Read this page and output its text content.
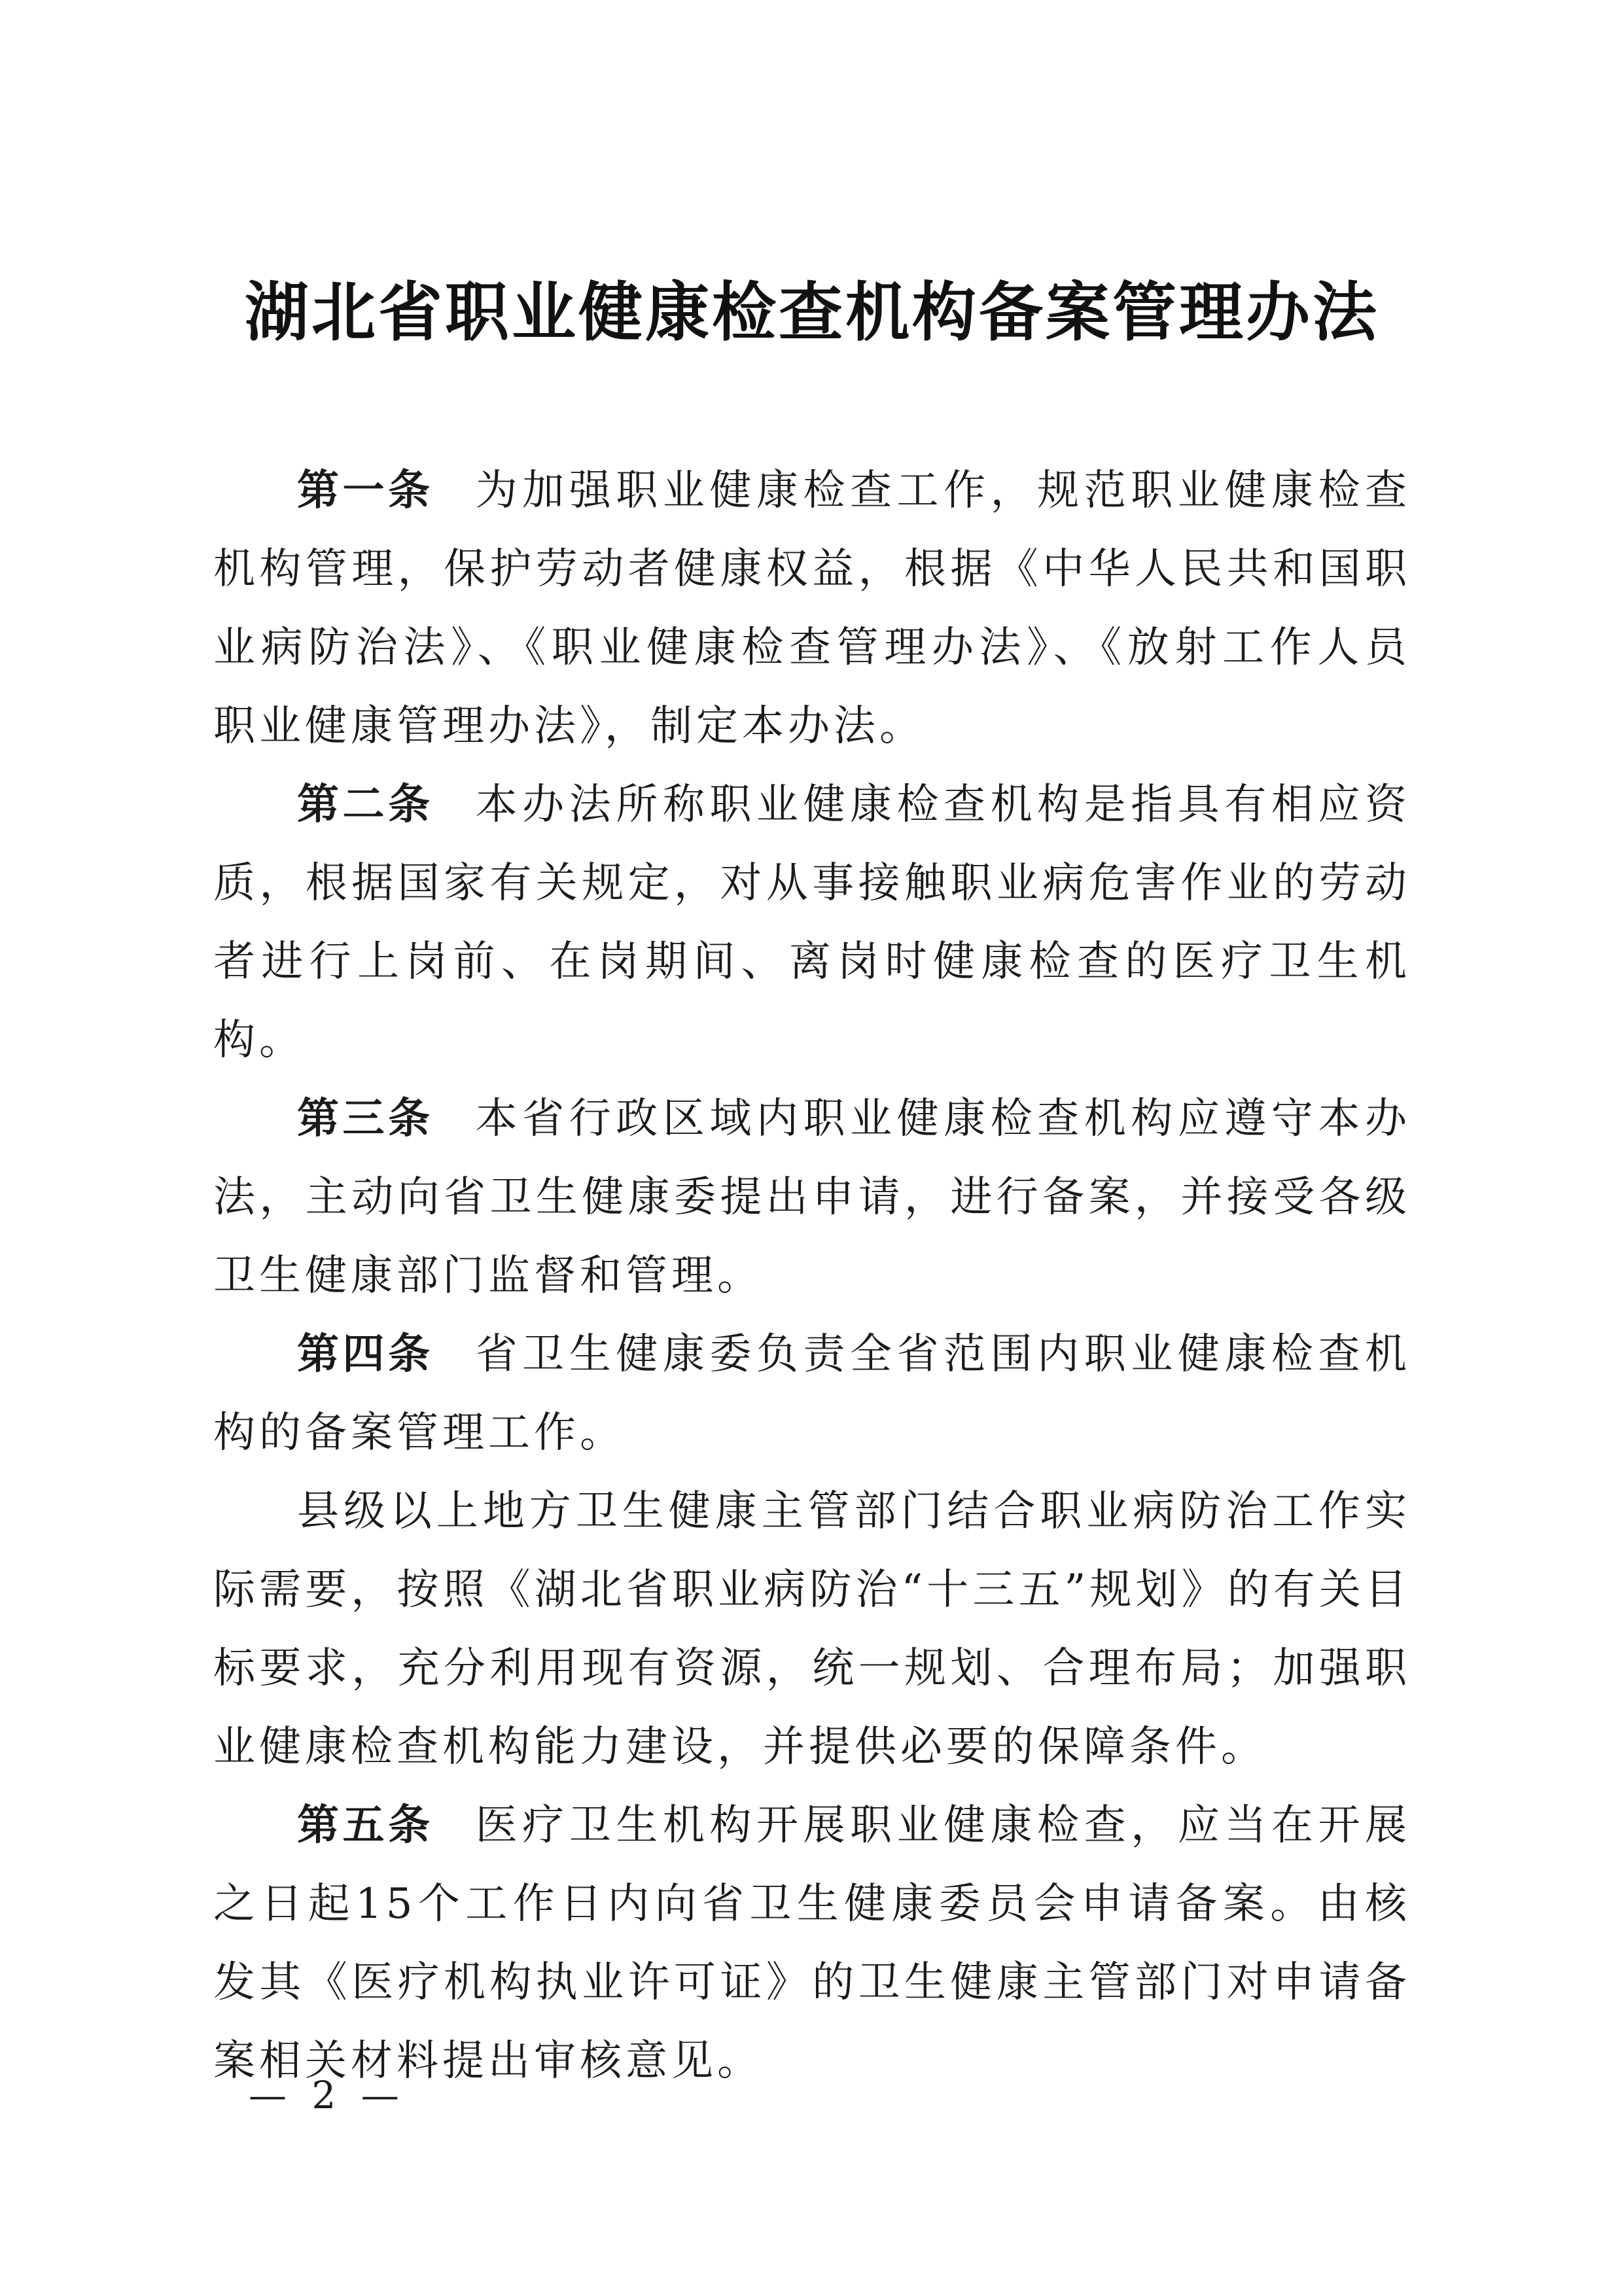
湖北省职业健康检查机构备案管理办法

第一条 为加强职业健康检查工作，规范职业健康检查机构管理，保护劳动者健康权益，根据《中华人民共和国职业病防治法》、《职业健康检查管理办法》、《放射工作人员职业健康管理办法》，制定本办法。

第二条 本办法所称职业健康检查机构是指具有相应资质，根据国家有关规定，对从事接触职业病危害作业的劳动者进行上岗前、在岗期间、离岗时健康检查的医疗卫生机构。

第三条 本省行政区域内职业健康检查机构应遵守本办法，主动向省卫生健康委提出申请，进行备案，并接受各级卫生健康部门监督和管理。

第四条 省卫生健康委负责全省范围内职业健康检查机构的备案管理工作。

县级以上地方卫生健康主管部门结合职业病防治工作实际需要，按照《湖北省职业病防治“十三五”规划》的有关目标要求，充分利用现有资源，统一规划、合理布局；加强职业健康检查机构能力建设，并提供必要的保障条件。

第五条 医疗卫生机构开展职业健康检查，应当在开展之日起15个工作日内向省卫生健康委员会申请备案。由核发其《医疗机构执业许可证》的卫生健康主管部门对申请备案相关材料提出审核意见。

— 2 —
